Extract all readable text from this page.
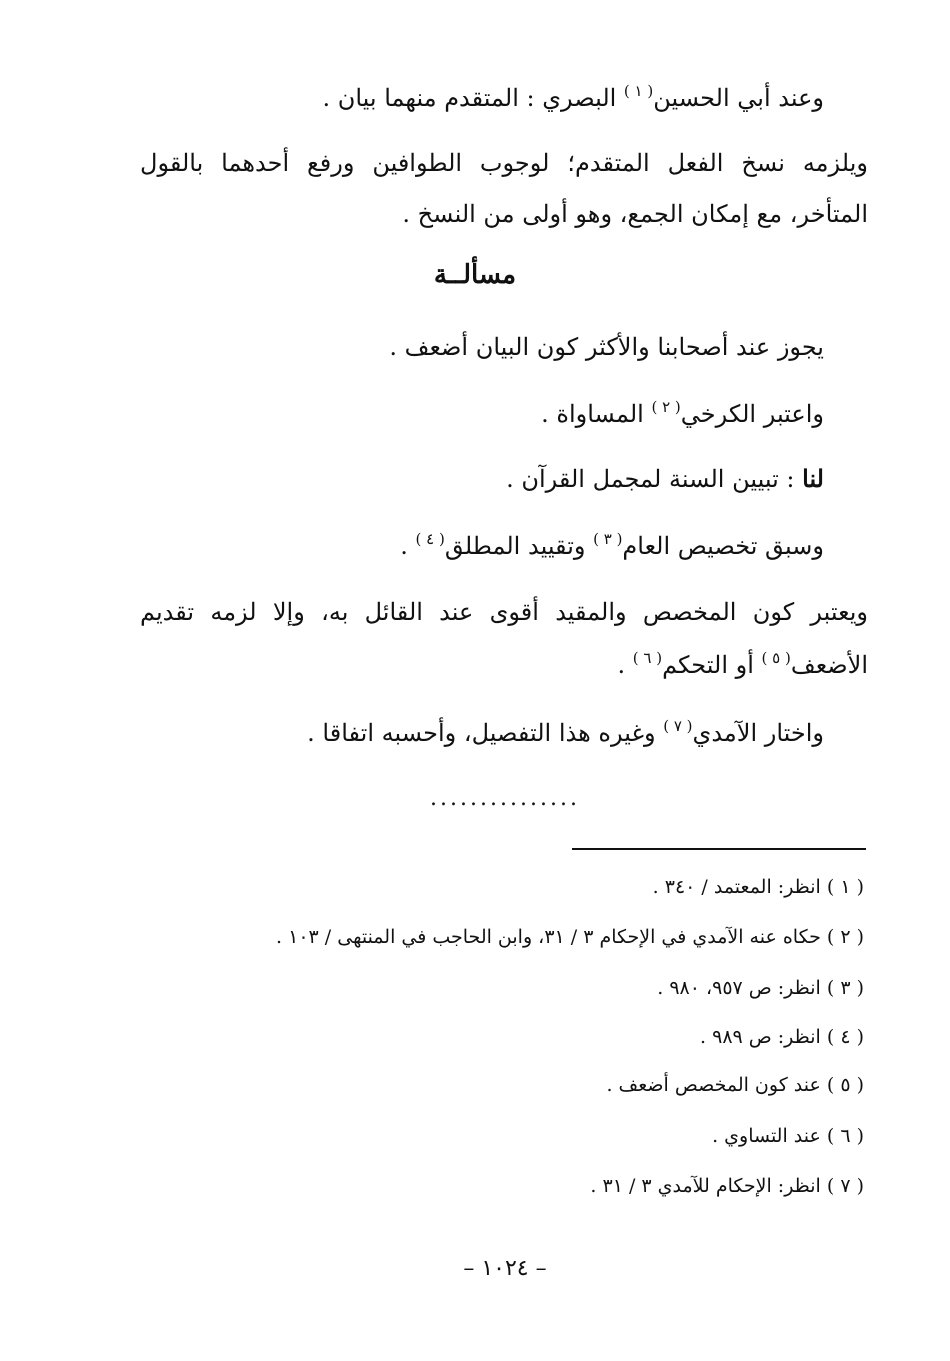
وعند أبي الحسين$^{( ١ )}$ البصري : المتقدم منهما بيان .
ويلزمه نسخ الفعل المتقدم؛ لوجوب الطوافين ورفع أحدهما بالقول
المتأخر، مع إمكان الجمع، وهو أولى من النسخ .
مسألــة
يجوز عند أصحابنا والأكثر كون البيان أضعف .
واعتبر الكرخي$^{( ٢ )}$ المساواة .
لنا : تبيين السنة لمجمل القرآن .
وسبق تخصيص العام$^{( ٣ )}$ وتقييد المطلق$^{( ٤ )}$ .
ويعتبر كون المخصص والمقيد أقوى عند القائل به، وإلا لزمه تقديم
الأضعف$^{( ٥ )}$ أو التحكم$^{( ٦ )}$ .
واختار الآمدي$^{( ٧ )}$ وغيره هذا التفصيل، وأحسبه اتفاقا .
...............
( ١ ) انظر: المعتمد / ٣٤٠ .
( ٢ ) حكاه عنه الآمدي في الإحكام ٣ / ٣١، وابن الحاجب في المنتهى / ١٠٣ .
( ٣ ) انظر: ص ٩٥٧، ٩٨٠ .
( ٤ ) انظر: ص ٩٨٩ .
( ٥ ) عند كون المخصص أضعف .
( ٦ ) عند التساوي .
( ٧ ) انظر: الإحكام للآمدي ٣ / ٣١ .
– ١٠٢٤ –
